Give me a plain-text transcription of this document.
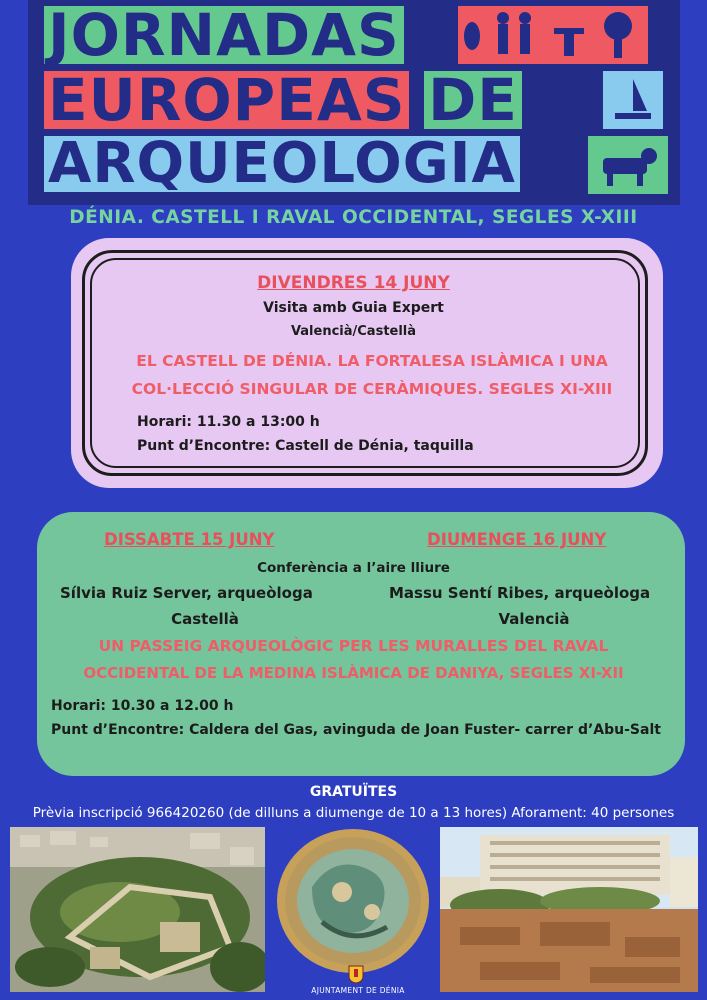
JORNADAS
EUROPEAS DE
ARQUEOLOGIA
DÉNIA. CASTELL I RAVAL OCCIDENTAL, SEGLES X-XIII
DIVENDRES 14 JUNY
Visita amb Guia Expert
Valencià/Castellà
EL CASTELL DE DÉNIA. LA FORTALESA ISLÀMICA I UNA
COL·LECCIÓ SINGULAR DE CERÀMIQUES. SEGLES XI-XIII
Horari: 11.30 a 13:00 h
Punt d’Encontre: Castell de Dénia, taquilla
DISSABTE 15 JUNY	DIUMENGE 16 JUNY
Conferència a l’aire lliure
Sílvia Ruiz Server, arqueòloga
Castellà
Massu Sentí Ribes, arqueòloga
Valencià
UN PASSEIG ARQUEOLÒGIC PER LES MURALLES DEL RAVAL
OCCIDENTAL DE LA MEDINA ISLÀMICA DE DANIYA, SEGLES XI-XII
Horari: 10.30 a 12.00 h
Punt d’Encontre: Caldera del Gas, avinguda de Joan Fuster- carrer d’Abu-Salt
GRATUÏTES
Prèvia inscripció 966420260 (de dilluns a diumenge de 10 a 13 hores) Aforament: 40 persones
AJUNTAMENT DE DÉNIA
